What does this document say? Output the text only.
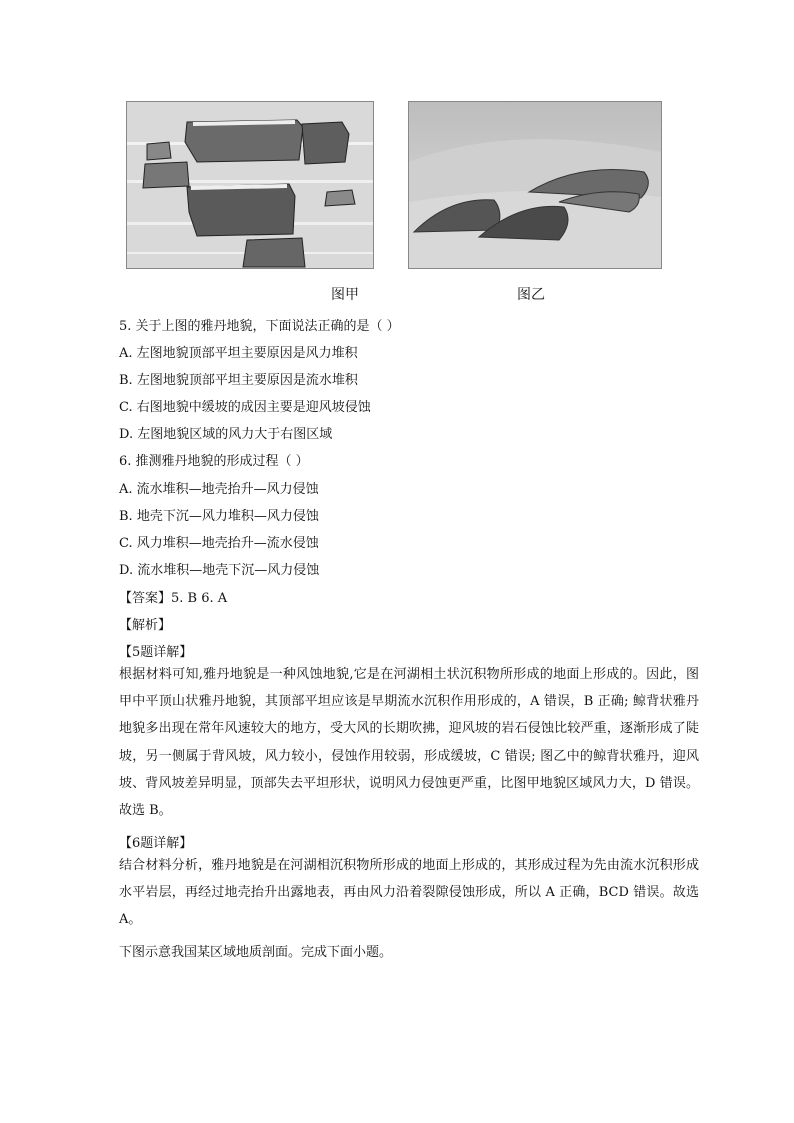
图甲	图乙
5. 关于上图的雅丹地貌，下面说法正确的是（ ）
A. 左图地貌顶部平坦主要原因是风力堆积
B. 左图地貌顶部平坦主要原因是流水堆积
C. 右图地貌中缓坡的成因主要是迎风坡侵蚀
D. 左图地貌区域的风力大于右图区域
6. 推测雅丹地貌的形成过程（ ）
A. 流水堆积—地壳抬升—风力侵蚀
B. 地壳下沉—风力堆积—风力侵蚀
C. 风力堆积—地壳抬升—流水侵蚀
D. 流水堆积—地壳下沉—风力侵蚀
【答案】5. B 6. A
【解析】
【5题详解】
根据材料可知,雅丹地貌是一种风蚀地貌,它是在河湖相土状沉积物所形成的地面上形成的。因此，图甲中平顶山状雅丹地貌，其顶部平坦应该是早期流水沉积作用形成的，A 错误，B 正确; 鲸背状雅丹地貌多出现在常年风速较大的地方，受大风的长期吹拂，迎风坡的岩石侵蚀比较严重，逐渐形成了陡坡，另一侧属于背风坡，风力较小，侵蚀作用较弱，形成缓坡，C 错误; 图乙中的鲸背状雅丹，迎风坡、背风坡差异明显，顶部失去平坦形状，说明风力侵蚀更严重，比图甲地貌区域风力大，D 错误。故选 B。
【6题详解】
结合材料分析，雅丹地貌是在河湖相沉积物所形成的地面上形成的，其形成过程为先由流水沉积形成水平岩层，再经过地壳抬升出露地表，再由风力沿着裂隙侵蚀形成，所以 A 正确，BCD 错误。故选 A。
下图示意我国某区域地质剖面。完成下面小题。
